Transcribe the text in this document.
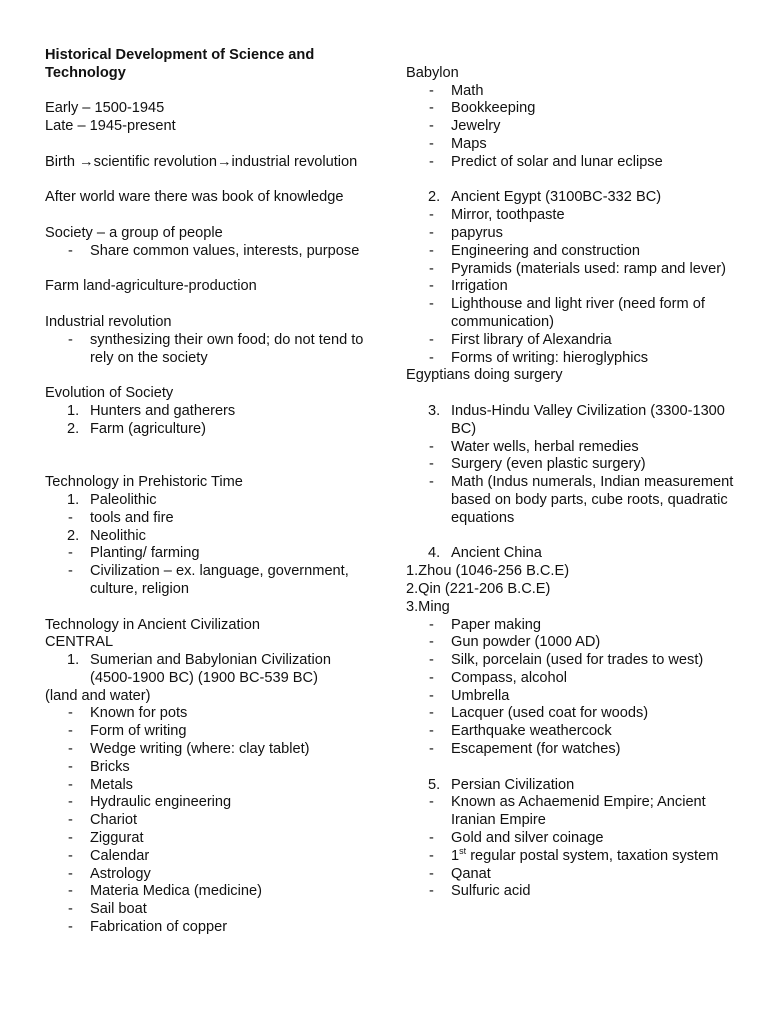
Historical Development of Science and Technology
Early – 1500-1945
Late – 1945-present
Birth →scientific revolution→industrial revolution
After world ware there was book of knowledge
Society – a group of people
-	Share common values, interests, purpose
Farm land-agriculture-production
Industrial revolution
-	synthesizing their own food; do not tend to rely on the society
Evolution of Society
1. Hunters and gatherers
2. Farm (agriculture)
Technology in Prehistoric Time
1. Paleolithic
-	tools and fire
2. Neolithic
-	Planting/ farming
-	Civilization – ex. language, government, culture, religion
Technology in Ancient Civilization
CENTRAL
1. Sumerian and Babylonian Civilization (4500-1900 BC) (1900 BC-539 BC)
(land and water)
-	Known for pots
-	Form of writing
-	Wedge writing (where: clay tablet)
-	Bricks
-	Metals
-	Hydraulic engineering
-	Chariot
-	Ziggurat
-	Calendar
-	Astrology
-	Materia Medica (medicine)
-	Sail boat
-	Fabrication of copper
Babylon
-	Math
-	Bookkeeping
-	Jewelry
-	Maps
-	Predict of solar and lunar eclipse
2. Ancient Egypt (3100BC-332 BC)
-	Mirror, toothpaste
-	papyrus
-	Engineering and construction
-	Pyramids (materials used: ramp and lever)
-	Irrigation
-	Lighthouse and light river (need form of communication)
-	First library of Alexandria
-	Forms of writing: hieroglyphics
Egyptians doing surgery
3. Indus-Hindu Valley Civilization (3300-1300 BC)
-	Water wells, herbal remedies
-	Surgery (even plastic surgery)
-	Math (Indus numerals, Indian measurement based on body parts, cube roots, quadratic equations
4. Ancient China
1.Zhou (1046-256 B.C.E)
2.Qin (221-206 B.C.E)
3.Ming
-	Paper making
-	Gun powder (1000 AD)
-	Silk, porcelain (used for trades to west)
-	Compass, alcohol
-	Umbrella
-	Lacquer (used coat for woods)
-	Earthquake weathercock
-	Escapement (for watches)
5. Persian Civilization
-	Known as Achaemenid Empire; Ancient Iranian Empire
-	Gold and silver coinage
-	1st regular postal system, taxation system
-	Qanat
-	Sulfuric acid
